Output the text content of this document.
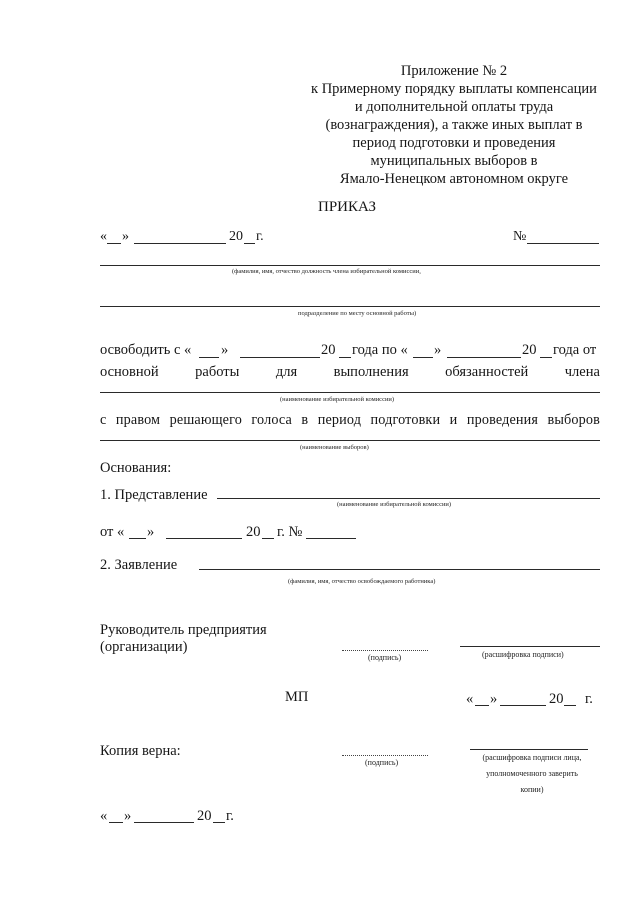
Приложение № 2
к Примерному порядку выплаты компенсации
и дополнительной оплаты труда
(вознаграждения), а также иных выплат в
период подготовки и проведения
муниципальных выборов в
Ямало-Ненецком автономном округе
ПРИКАЗ
« »	20 г.	№
(фамилия, имя, отчество должность члена избирательной комиссии,
подразделение по месту основной работы)
освободить с « »	20 года по « »	20 года от
основной	работы	для	выполнения	обязанностей	члена
(наименование избирательной комиссии)
с правом решающего голоса в период подготовки и проведения выборов
(наименование выборов)
Основания:
1. Представление
(наименование избирательной комиссии)
от « »	20 г. №
2. Заявление
(фамилия, имя, отчество освобождаемого работника)
Руководитель предприятия
(организации)
(подпись)	(расшифровка подписи)
МП	« »	20 г.
Копия верна:
(подпись)
(расшифровка подписи лица,
уполномоченного заверить
копии)
« »	20 г.
